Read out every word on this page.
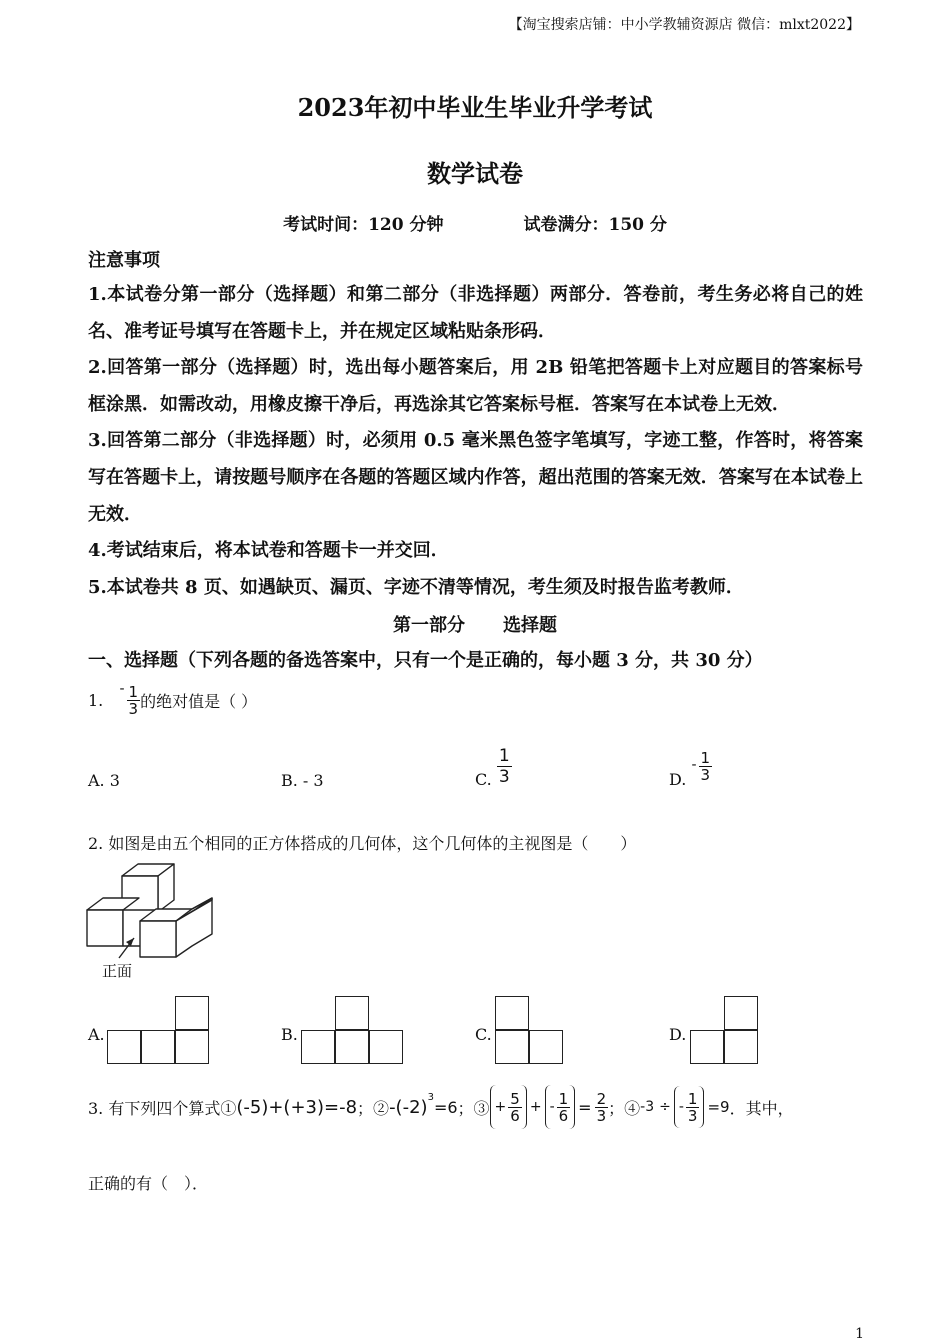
【淘宝搜索店铺：中小学教辅资源店 微信：mlxt2022】
2023年初中毕业生毕业升学考试
数学试卷
考试时间：120 分钟	试卷满分：150 分
注意事项
1.本试卷分第一部分（选择题）和第二部分（非选择题）两部分．答卷前，考生务必将自己的姓名、准考证号填写在答题卡上，并在规定区域粘贴条形码．
2.回答第一部分（选择题）时，选出每小题答案后，用 2B 铅笔把答题卡上对应题目的答案标号框涂黑．如需改动，用橡皮擦干净后，再选涂其它答案标号框．答案写在本试卷上无效．
3.回答第二部分（非选择题）时，必须用 0.5 毫米黑色签字笔填写，字迹工整，作答时，将答案写在答题卡上，请按题号顺序在各题的答题区域内作答，超出范围的答案无效．答案写在本试卷上无效．
4.考试结束后，将本试卷和答题卡一并交回．
5.本试卷共 8 页、如遇缺页、漏页、字迹不清等情况，考生须及时报告监考教师．
第一部分 选择题
一、选择题（下列各题的备选答案中，只有一个是正确的，每小题 3 分，共 30 分）
1.  - $\frac{1}{3}$ 的绝对值是（ ）
A. 3	B. - 3	C. $\frac{1}{3}$	D. - $\frac{1}{3}$
2. 如图是由五个相同的正方体搭成的几何体，这个几何体的主视图是（　　）
正面
A.	B.	C.	D.
3. 有下列四个算式① (-5)+(+3)=-8 ；② $-(-2)^3 =6$ ；③ + $\frac{5}{6}$ + - $\frac{1}{6} = \frac{2}{3}$ ；④ -3 ÷ - $\frac{1}{3} =9$ ．其中，
正确的有（　）．
1
